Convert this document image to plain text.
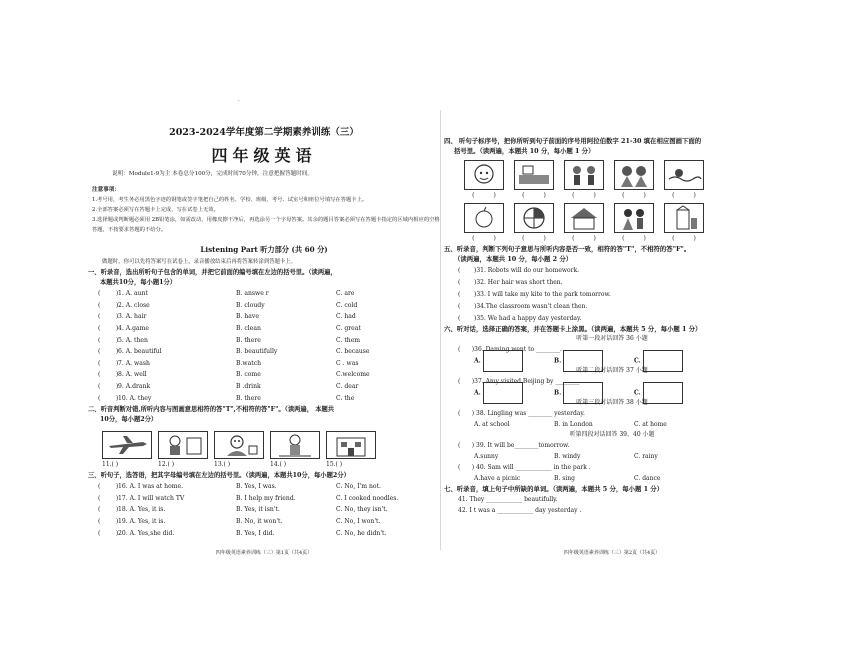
·
2023-2024学年度第二学期素养训练（三）
四年级英语
说明：Module1-9为主 本卷总分100分，完成时间70分钟，注意把握答题时间。
注意事项：

1.考号用，考生务必用黑色字迹的钢笔或签字笔把自己的姓名、学校、班级、考号、试室号和座位号填写在答题卡上。

2.全部答案必须写在答题卡上完成，写在试卷上无效。

3.选择题或判断题必须用 2B铅笔涂，如需改动，用橡皮擦干净后，再选涂另一个字母答案。其余的题目答案必须写在答题卡指定的区域内相应的空格答题，不按要求答题的不给分。

Listening Part 听力部分 (共 60 分)
做题时，你可以先将答案写在试卷上，录音播放结束后再将答案转涂到答题卡上。
一、听录音，选出所听句子包含的单词，并把它前面的编号填在左边的括号里。（读两遍，
本题共10分，每小题1分）
(        ) 1. A. aunt	B. answe r	C. are
(        ) 2. A. close	B. cloudy	C. cold
(        ) 3. A. hair	B. have	C. had
(        ) 4. A.game	B. clean	C. great
(        ) 5. A. then	B. there	C. them
(        ) 6. A. beautiful	B. beautifully	C. because
(        ) 7. A. wash	B.watch	C . was
(        ) 8. A. well	B. come	C.welcome
(        ) 9. A.drank	B .drink	C. dear
(        ) 10. A. they	B. there	C. the
二、听音判断对错,所听内容与图画意思相符的答"T",不相符的答"F"。（读两遍， 本题共
10分，每小题2分）
11.( )	12.( )	13.( )	14.( )	15.( )
三、听句子，选答语，把其字母编号填在左边的括号里。（读两遍，本题共10分，每小题2分）
(        ) 16. A. I was at home.	B. Yes, I was.	C. No, I'm not.
(        ) 17. A. I will watch TV	B. I help my friend.	C. I cooked noodles.
(        ) 18. A. Yes, it is.	B. Yes, it isn't.	C. No, they isn't.
(        ) 19. A. Yes, it is.	B. No, it won't.	C. No, I won't.
(        ) 20. A. Yes,she did.	B. Yes, I did.	C. No, he didn't.
四年级英语素养训练（三）第1页（共4页）
四、 听句子标序号，把你所听到句子前面的序号用阿拉伯数字 21-30 填在相应图画下面的
括号里。（读两遍，本题共 10 分，每小题 1 分）
(          )	(          )	(          )	(          )	(          )
(          )	(          )	(          )	(          )	(          )
五、听录音，判断下列句子意思与所听内容是否一致，相符的答"T"，不相符的答"F"。
（读两遍，本题共 10 分，每小题 2 分）
(	)31. Robots will do our homework.
(	)32. Her hair was short then.
(	)33. I will take my kite to the park tomorrow.
(	)34.The classroom wasn't clean then.
(	)35. We had a happy day yesterday.
六、听对话，选择正确的答案，并在答题卡上涂黑。（读两遍，本题共 5 分，每小题 1 分）
听第一段对话回答 36 小题
( )36. Daming went to ________.
A.	B.	C.
听第二段对话回答 37 小题
( )37. Amy visited Beijing by ________.
A.	B.	C.
听第三段对话回答 38 小题
( ) 38. Lingling was ________ yesterday.
A. at school	B. in London	C. at home
听第四段对话回答 39、40 小题
( ) 39. It will be________tomorrow.
A.sunny	B. windy	C. rainy
( ) 40. Sam will ____________ in the park .
A.have a picnic	B. sing	C. dance
七、听录音，填上句子中所缺的单词。（读两遍，本题共 5 分，每小题 1 分）
41. They ____________ beautifully.
42. I t was a ____________ day yesterday .
四年级英语素养训练（三）第2页（共4页）
